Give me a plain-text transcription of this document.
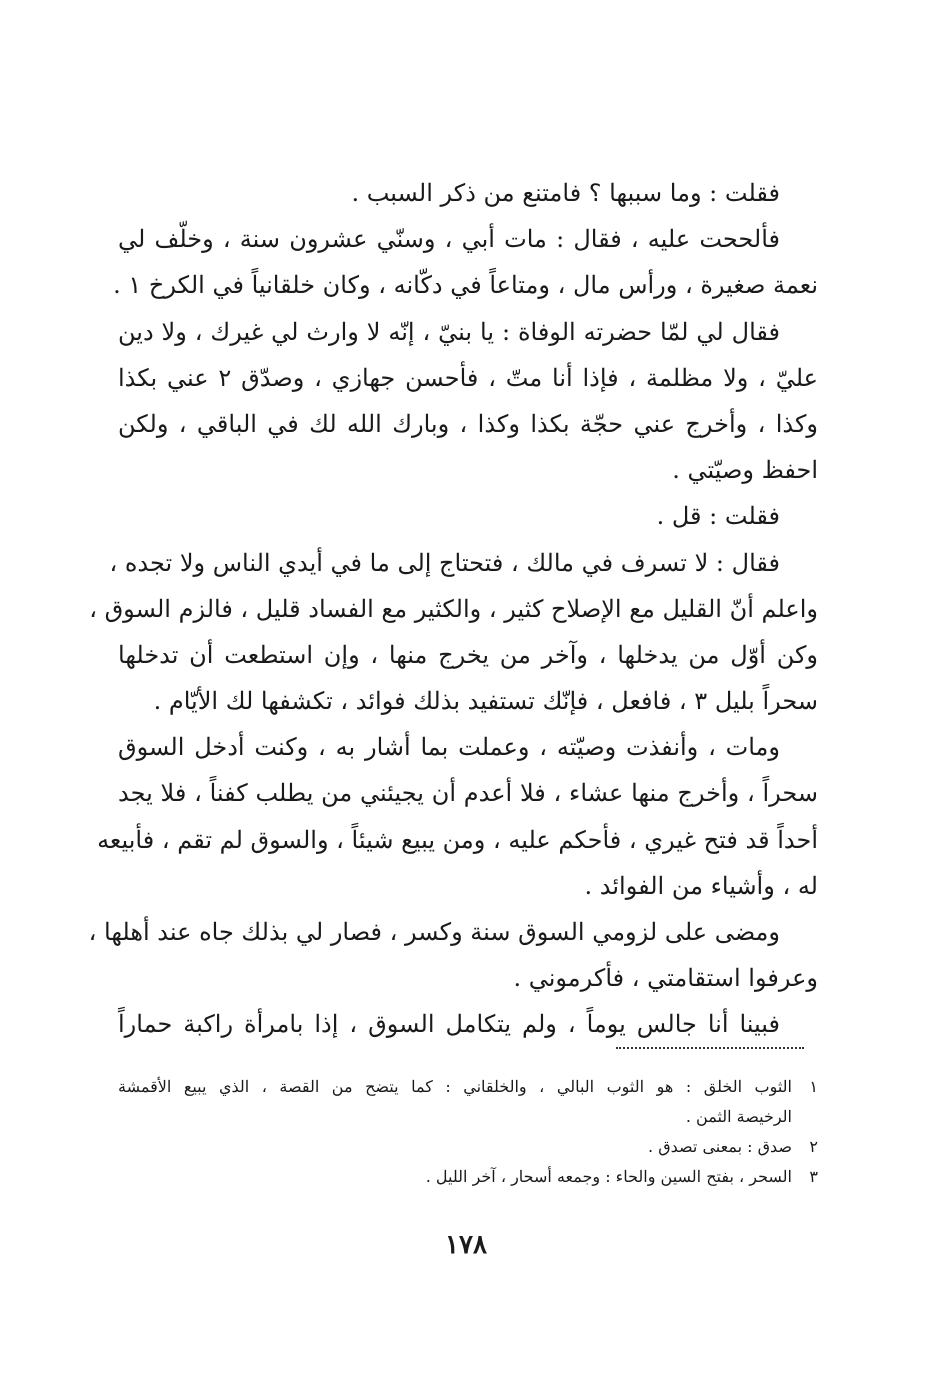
فقلت : وما سببها ؟ فامتنع من ذكر السبب .
فألححت عليه ، فقال : مات أبي ، وسنّي عشرون سنة ، وخلّف لي
نعمة صغيرة ، ورأس مال ، ومتاعاً في دكّانه ، وكان خلقانياً في الكرخ ١ .
فقال لي لمّا حضرته الوفاة : يا بنيّ ، إنّه لا وارث لي غيرك ، ولا دين
عليّ ، ولا مظلمة ، فإذا أنا متّ ، فأحسن جهازي ، وصدّق ٢ عني بكذا
وكذا ، وأخرج عني حجّة بكذا وكذا ، وبارك الله لك في الباقي ، ولكن
احفظ وصيّتي .
فقلت : قل .
فقال : لا تسرف في مالك ، فتحتاج إلى ما في أيدي الناس ولا تجده ،
واعلم أنّ القليل مع الإصلاح كثير ، والكثير مع الفساد قليل ، فالزم السوق ،
وكن أوّل من يدخلها ، وآخر من يخرج منها ، وإن استطعت أن تدخلها
سحراً بليل ٣ ، فافعل ، فإنّك تستفيد بذلك فوائد ، تكشفها لك الأيّام .
ومات ، وأنفذت وصيّته ، وعملت بما أشار به ، وكنت أدخل السوق
سحراً ، وأخرج منها عشاء ، فلا أعدم أن يجيئني من يطلب كفناً ، فلا يجد
أحداً قد فتح غيري ، فأحكم عليه ، ومن يبيع شيئاً ، والسوق لم تقم ، فأبيعه
له ، وأشياء من الفوائد .
ومضى على لزومي السوق سنة وكسر ، فصار لي بذلك جاه عند أهلها ،
وعرفوا استقامتي ، فأكرموني .
فبينا أنا جالس يوماً ، ولم يتكامل السوق ، إذا بامرأة راكبة حماراً
١الثوب الخلق : هو الثوب البالي ، والخلقاني : كما يتضح من القصة ، الذي يبيع الأقمشة
الرخيصة الثمن .
٢صدق : بمعنى تصدق .
٣السحر ، بفتح السين والحاء : وجمعه أسحار ، آخر الليل .
١٧٨
